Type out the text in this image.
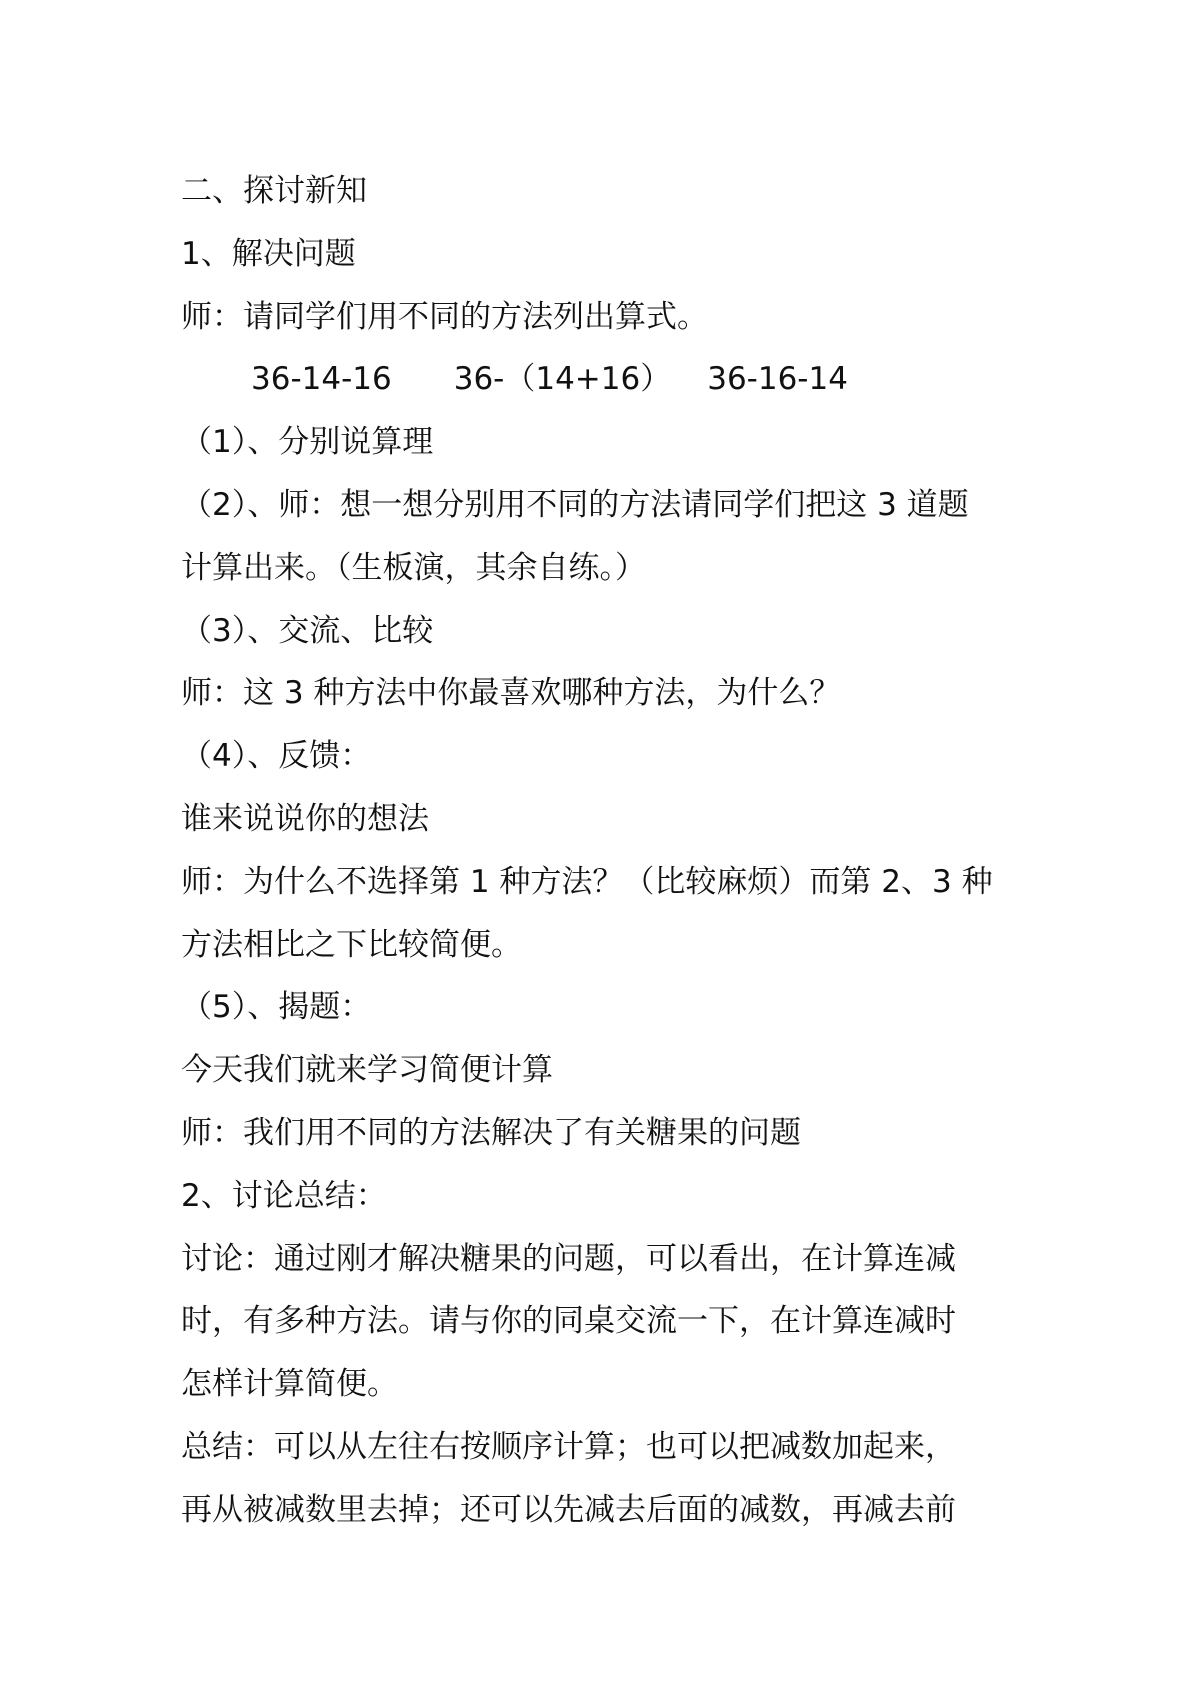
二、探讨新知
1、解决问题
师：请同学们用不同的方法列出算式。
36-14-16 36-（14+16） 36-16-14
（1）、分别说算理
（2）、师：想一想分别用不同的方法请同学们把这 3 道题
计算出来。（生板演，其余自练。）
（3）、交流、比较
师：这 3 种方法中你最喜欢哪种方法，为什么？
（4）、反馈：
谁来说说你的想法
师：为什么不选择第 1 种方法？（比较麻烦）而第 2、3 种
方法相比之下比较简便。
（5）、揭题：
今天我们就来学习简便计算
师：我们用不同的方法解决了有关糖果的问题
2、讨论总结：
讨论：通过刚才解决糖果的问题，可以看出，在计算连减
时，有多种方法。请与你的同桌交流一下，在计算连减时
怎样计算简便。
总结：可以从左往右按顺序计算；也可以把减数加起来，
再从被减数里去掉；还可以先减去后面的减数，再减去前
